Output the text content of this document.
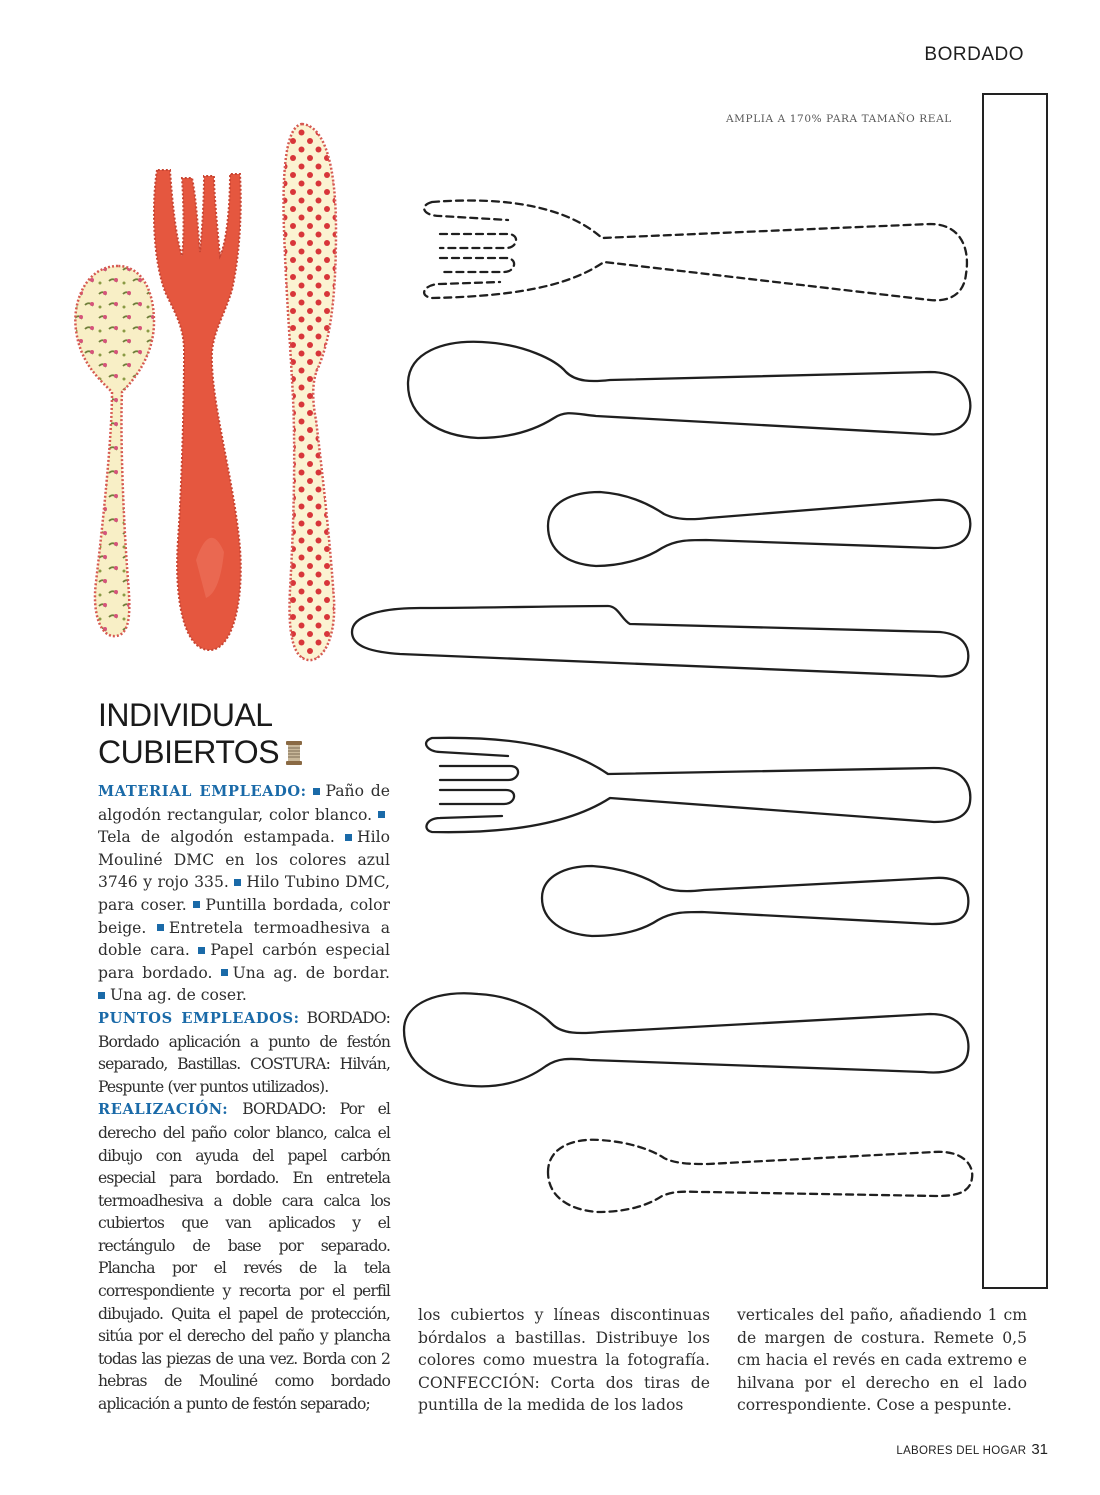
BORDADO
AMPLIA A 170% PARA TAMAÑO REAL
INDIVIDUAL
CUBIERTOS

MATERIAL EMPLEADO: Paño de algodón rectangular, color blanco. Tela de algodón estampada. Hilo Mouliné DMC en los colores azul 3746 y rojo 335. Hilo Tubino DMC, para coser. Puntilla bordada, color beige. Entretela termoadhesiva a doble cara. Papel carbón especial para bordado. Una ag. de bordar. Una ag. de coser.

PUNTOS EMPLEADOS: BORDADO: Bordado aplicación a punto de festón separado, Bastillas. COSTURA: Hilván, Pespunte (ver puntos utilizados).

REALIZACIÓN: BORDADO: Por el derecho del paño color blanco, calca el dibujo con ayuda del papel carbón especial para bordado. En entretela termoadhesiva a doble cara calca los cubiertos que van aplicados y el rectángulo de base por separado. Plancha por el revés de la tela correspondiente y recorta por el perfil dibujado. Quita el papel de protección, sitúa por el derecho del paño y plancha todas las piezas de una vez. Borda con 2 hebras de Mouliné como bordado aplicación a punto de festón separado;

los cubiertos y líneas discontinuas bórdalos a bastillas. Distribuye los colores como muestra la fotografía. CONFECCIÓN: Corta dos tiras de puntilla de la medida de los lados

verticales del paño, añadiendo 1 cm de margen de costura. Remete 0,5 cm hacia el revés en cada extremo e hilvana por el derecho en el lado correspondiente. Cose a pespunte.

LABORES DEL HOGAR 31
